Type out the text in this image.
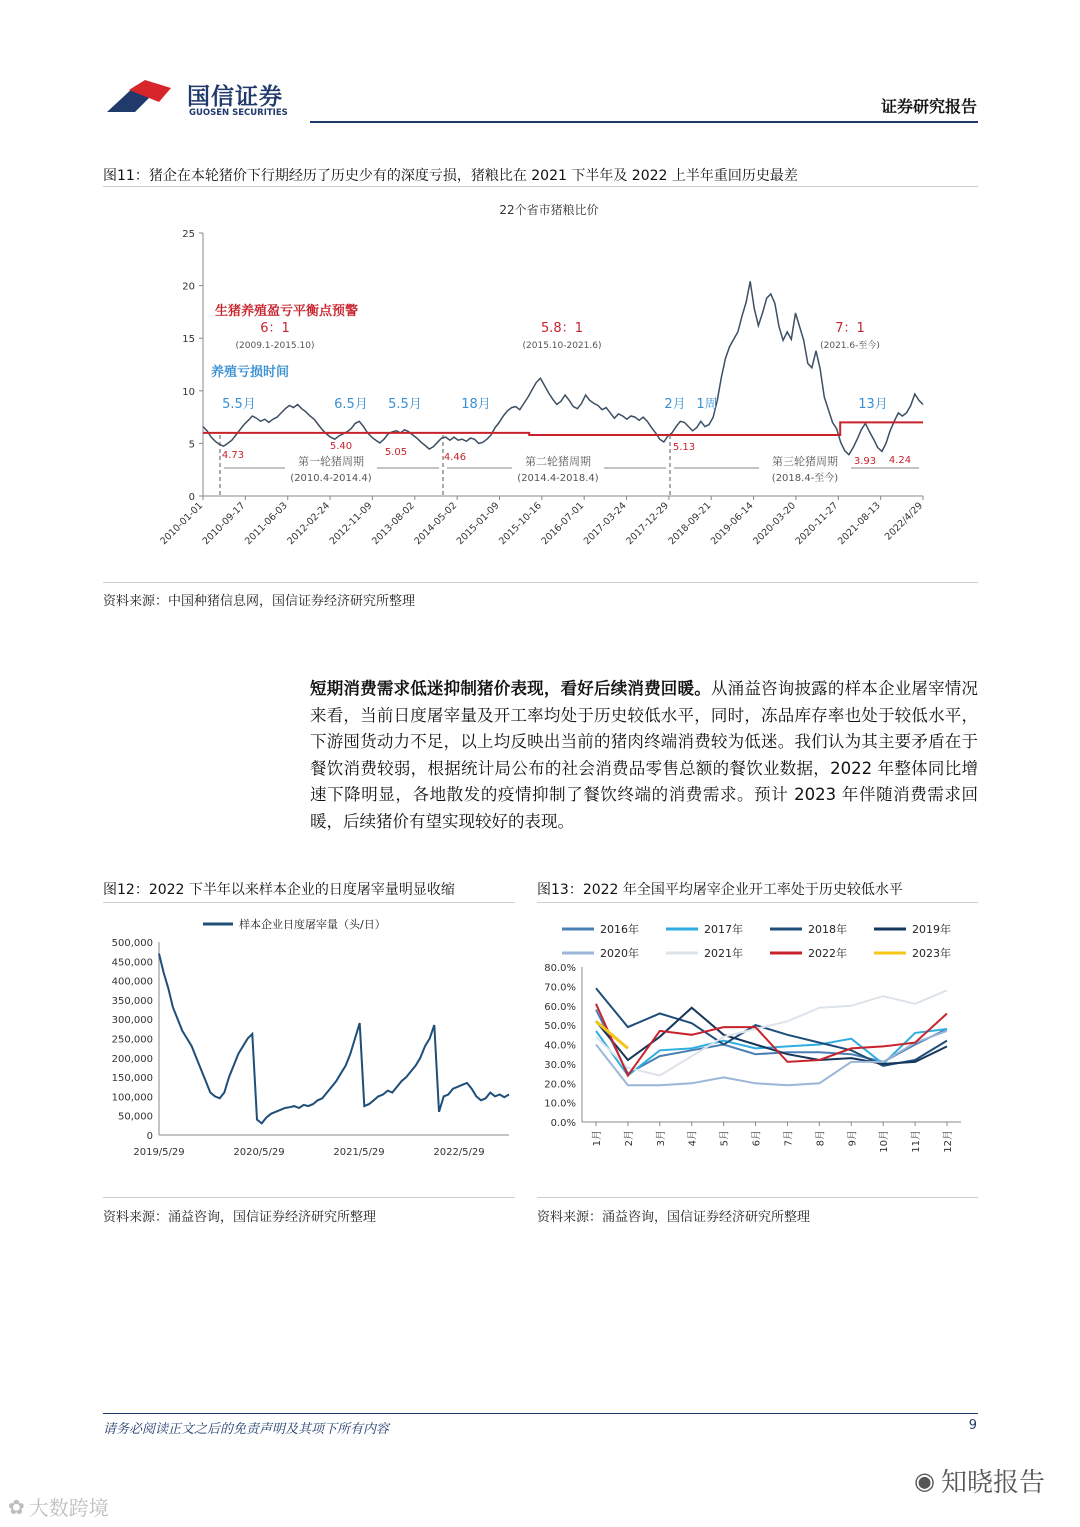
国信证券
GUOSEN SECURITIES	证券研究报告
图11：猪企在本轮猪价下行期经历了历史少有的深度亏损，猪粮比在 2021 下半年及 2022 上半年重回历史最差
22个省市猪粮比价
0
5
10
15
20
25
2010-01-01
2010-09-17
2011-06-03
2012-02-24
2012-11-09
2013-08-02
2014-05-02
2015-01-09
2015-10-16
2016-07-01
2017-03-24
2017-12-29
2018-09-21
2019-06-14
2020-03-20
2020-11-27
2021-08-13 2022/4/29
生猪养殖盈亏平衡点预警
6：1
(2009.1-2015.10)
5.8：1
(2015.10-2021.6)
7：1
(2021.6-至今)
养殖亏损时间
5.5月	6.5月 5.5月	18月	2月 1周	13月
4.73
5.40
5.05	4.46
5.13
3.93 4.24
第一轮猪周期
(2010.4-2014.4)
第二轮猪周期
(2014.4-2018.4)
第三轮猪周期
(2018.4-至今)
资料来源：中国种猪信息网，国信证券经济研究所整理
短期消费需求低迷抑制猪价表现，看好后续消费回暖。从涌益咨询披露的样本企业屠宰情况来看，当前日度屠宰量及开工率均处于历史较低水平，同时，冻品库存率也处于较低水平，下游囤货动力不足，以上均反映出当前的猪肉终端消费较为低迷。我们认为其主要矛盾在于餐饮消费较弱，根据统计局公布的社会消费品零售总额的餐饮业数据，2022 年整体同比增速下降明显，各地散发的疫情抑制了餐饮终端的消费需求。预计 2023 年伴随消费需求回暖，后续猪价有望实现较好的表现。
图12：2022 下半年以来样本企业的日度屠宰量明显收缩
样本企业日度屠宰量（头/日）
0
50,000
100,000
150,000
200,000
250,000
300,000
350,000
400,000
450,000
500,000
2019/5/29	2020/5/29	2021/5/29	2022/5/29
资料来源：涌益咨询，国信证券经济研究所整理
图13：2022 年全国平均屠宰企业开工率处于历史较低水平
2016年	2017年	2018年	2019年
2020年	2021年	2022年	2023年
0.0%
10.0%
20.0%
30.0%
40.0%
50.0%
60.0%
70.0%
80.0%
1月 2月 3月 4月 5月 6月 7月 8月 9月 10月 11月 12月
资料来源：涌益咨询，国信证券经济研究所整理
请务必阅读正文之后的免责声明及其项下所有内容	9
◉ 知晓报告
✿ 大数跨境
